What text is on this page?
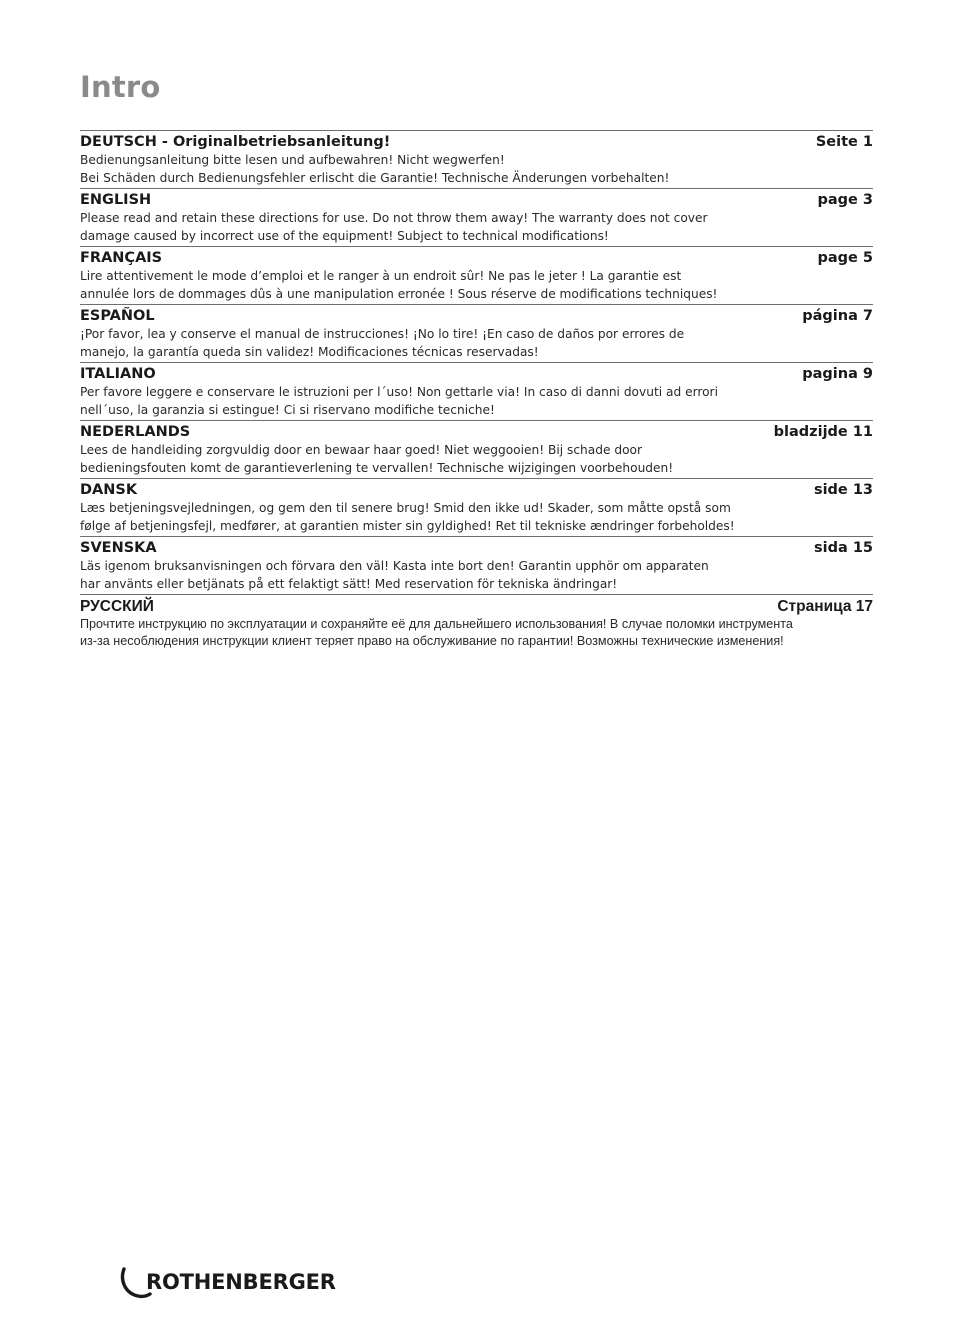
Intro
DEUTSCH - Originalbetriebsanleitung!	Seite 1

Bedienungsanleitung bitte lesen und aufbewahren! Nicht wegwerfen!
Bei Schäden durch Bedienungsfehler erlischt die Garantie! Technische Änderungen vorbehalten!

ENGLISH	page 3

Please read and retain these directions for use. Do not throw them away! The warranty does not cover
damage caused by incorrect use of the equipment! Subject to technical modifications!

FRANÇAIS	page 5

Lire attentivement le mode d’emploi et le ranger à un endroit sûr! Ne pas le jeter ! La garantie est
annulée lors de dommages dûs à une manipulation erronée ! Sous réserve de modifications techniques!

ESPAÑOL	página 7

¡Por favor, lea y conserve el manual de instrucciones! ¡No lo tire! ¡En caso de daños por errores de
manejo, la garantía queda sin validez! Modificaciones técnicas reservadas!

ITALIANO	pagina 9

Per favore leggere e conservare le istruzioni per l´uso! Non gettarle via! In caso di danni dovuti ad errori
nell´uso, la garanzia si estingue! Ci si riservano modifiche tecniche!

NEDERLANDS	bladzijde 11

Lees de handleiding zorgvuldig door en bewaar haar goed! Niet weggooien! Bij schade door
bedieningsfouten komt de garantieverlening te vervallen! Technische wijzigingen voorbehouden!

DANSK	side 13

Læs betjeningsvejledningen, og gem den til senere brug! Smid den ikke ud! Skader, som måtte opstå som
følge af betjeningsfejl, medfører, at garantien mister sin gyldighed! Ret til tekniske ændringer forbeholdes!

SVENSKA	sida 15

Läs igenom bruksanvisningen och förvara den väl! Kasta inte bort den! Garantin upphör om apparaten
har använts eller betjänats på ett felaktigt sätt! Med reservation för tekniska ändringar!

РУССКИЙ	Страница 17

Прочтите инструкцию по эксплуатации и сохраняйте её для дальнейшего использования! В случае поломки инструмента
из-за несоблюдения инструкции клиент теряет право на обслуживание по гарантии! Возможны технические изменения!

ROTHENBERGER
